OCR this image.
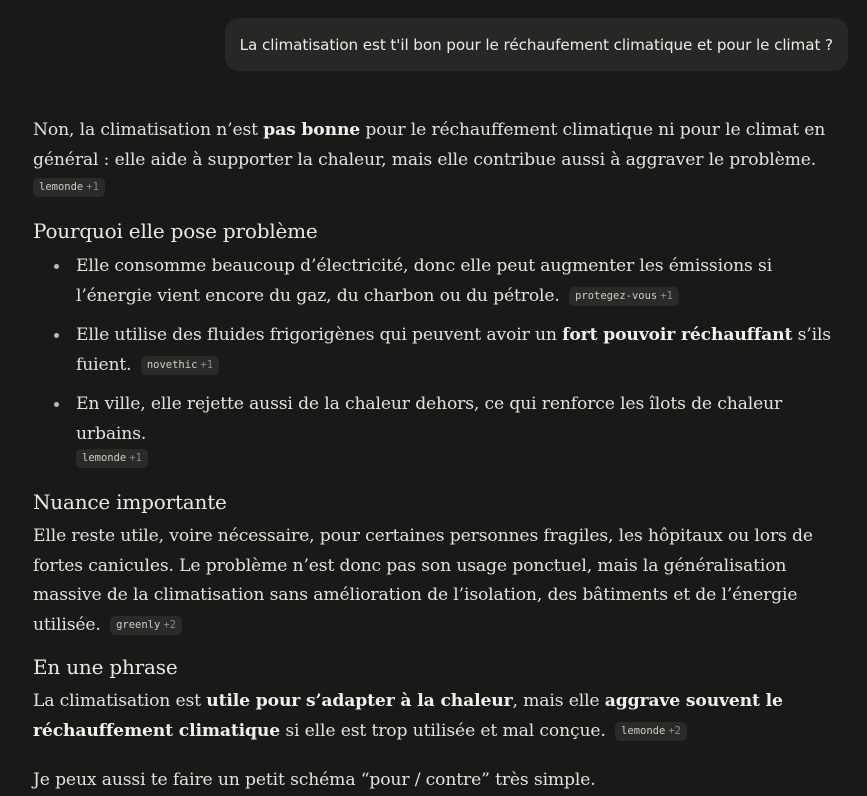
La climatisation est t'il bon pour le réchaufement climatique et pour le climat ?

Non, la climatisation n’est pas bonne pour le réchauffement climatique ni pour le climat en général : elle aide à supporter la chaleur, mais elle contribue aussi à aggraver le problème.

lemonde +1
Pourquoi elle pose problème
Elle consomme beaucoup d’électricité, donc elle peut augmenter les émissions si l’énergie vient encore du gaz, du charbon ou du pétrole. protegez-vous +1
Elle utilise des fluides frigorigènes qui peuvent avoir un fort pouvoir réchauffant s’ils fuient. novethic +1
En ville, elle rejette aussi de la chaleur dehors, ce qui renforce les îlots de chaleur urbains.
lemonde +1
Nuance importante

Elle reste utile, voire nécessaire, pour certaines personnes fragiles, les hôpitaux ou lors de fortes canicules. Le problème n’est donc pas son usage ponctuel, mais la généralisation massive de la climatisation sans amélioration de l’isolation, des bâtiments et de l’énergie utilisée. greenly +2

En une phrase

La climatisation est utile pour s’adapter à la chaleur, mais elle aggrave souvent le réchauffement climatique si elle est trop utilisée et mal conçue. lemonde +2

Je peux aussi te faire un petit schéma “pour / contre” très simple.
